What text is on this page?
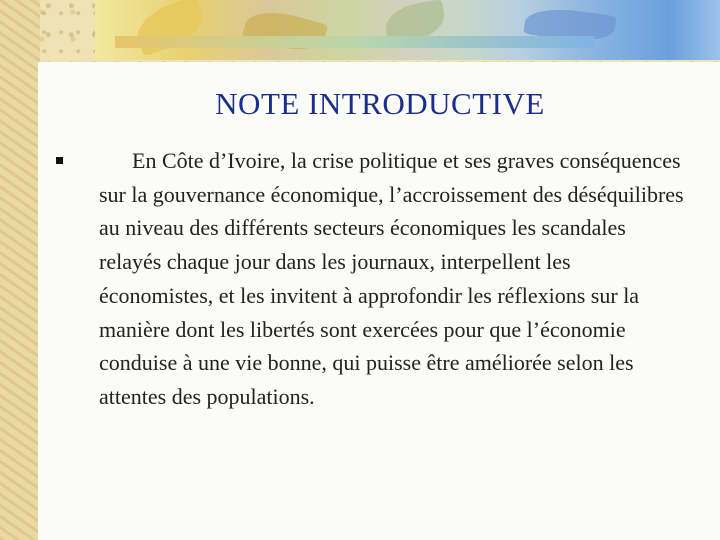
NOTE INTRODUCTIVE
En Côte d’Ivoire, la crise politique et ses graves conséquences sur la gouvernance économique, l’accroissement des déséquilibres au niveau des différents secteurs économiques les scandales relayés chaque jour dans les journaux, interpellent les économistes, et les invitent à approfondir les réflexions sur la manière dont les libertés sont exercées pour que l’économie conduise à une vie bonne, qui puisse être améliorée selon les attentes des populations.
